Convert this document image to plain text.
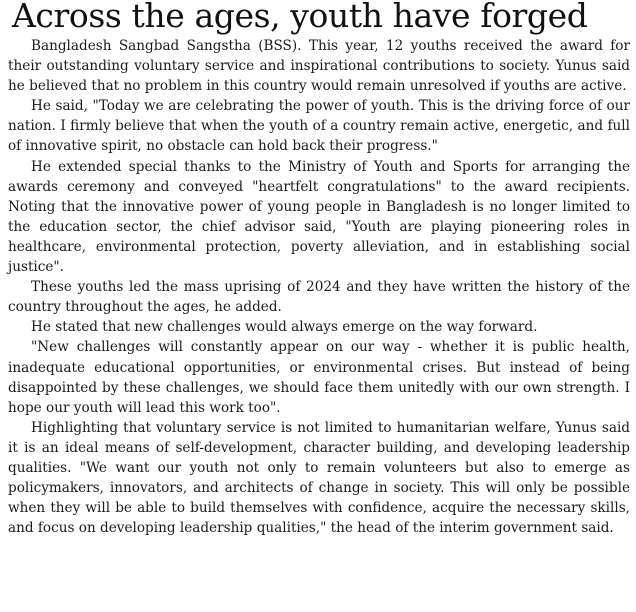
Across the ages, youth have forged

Bangladesh Sangbad Sangstha (BSS). This year, 12 youths received the award for their outstanding voluntary service and inspirational contributions to society. Yunus said he believed that no problem in this country would remain unresolved if youths are active.

He said, "Today we are celebrating the power of youth. This is the driving force of our nation. I firmly believe that when the youth of a country remain active, energetic, and full of innovative spirit, no obstacle can hold back their progress."

He extended special thanks to the Ministry of Youth and Sports for arranging the awards ceremony and conveyed "heartfelt congratulations" to the award recipients. Noting that the innovative power of young people in Bangladesh is no longer limited to the education sector, the chief advisor said, "Youth are playing pioneering roles in healthcare, environmental protection, poverty alleviation, and in establishing social justice".

These youths led the mass uprising of 2024 and they have written the history of the country throughout the ages, he added.

He stated that new challenges would always emerge on the way forward.

"New challenges will constantly appear on our way - whether it is public health, inadequate educational opportunities, or environmental crises. But instead of being disappointed by these challenges, we should face them unitedly with our own strength. I hope our youth will lead this work too".

Highlighting that voluntary service is not limited to humanitarian welfare, Yunus said it is an ideal means of self-development, character building, and developing leadership qualities. "We want our youth not only to remain volunteers but also to emerge as policymakers, innovators, and architects of change in society. This will only be possible when they will be able to build themselves with confidence, acquire the necessary skills, and focus on developing leadership qualities," the head of the interim government said.
